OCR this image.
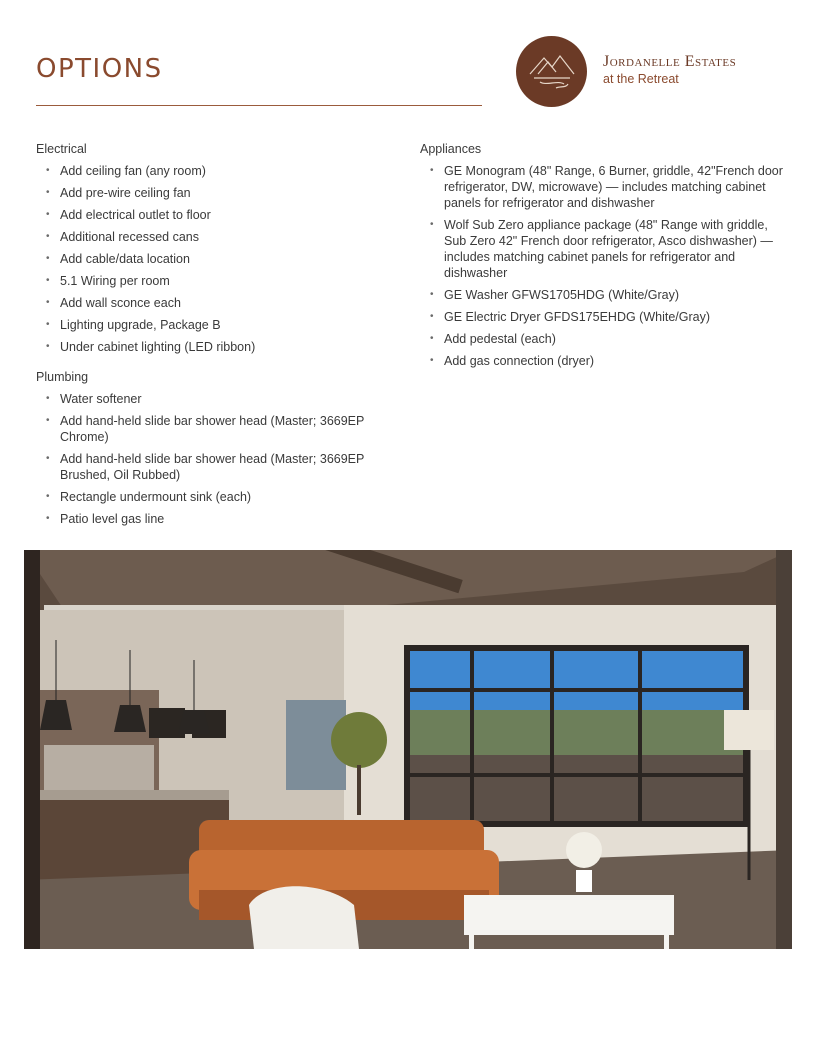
OPTIONS	Jordanelle Estates
at the Retreat
Electrical
• Add ceiling fan (any room)
• Add pre-wire ceiling fan
• Add electrical outlet to floor
• Additional recessed cans
• Add cable/data location
• 5.1 Wiring per room
• Add wall sconce each
• Lighting upgrade, Package B
• Under cabinet lighting (LED ribbon)
Plumbing
• Water softener
• Add hand-held slide bar shower head (Master; 3669EP Chrome)
• Add hand-held slide bar shower head (Master; 3669EP Brushed, Oil Rubbed)
• Rectangle undermount sink (each)
• Patio level gas line
Appliances
• GE Monogram (48" Range, 6 Burner, griddle, 42"French door refrigerator, DW, microwave) — includes matching cabinet panels for refrigerator and dishwasher
• Wolf Sub Zero appliance package (48" Range with griddle, Sub Zero 42" French door refrigerator, Asco dishwasher) — includes matching cabinet panels for refrigerator and dishwasher
• GE Washer GFWS1705HDG (White/Gray)
• GE Electric Dryer GFDS175EHDG (White/Gray)
• Add pedestal (each)
• Add gas connection (dryer)
